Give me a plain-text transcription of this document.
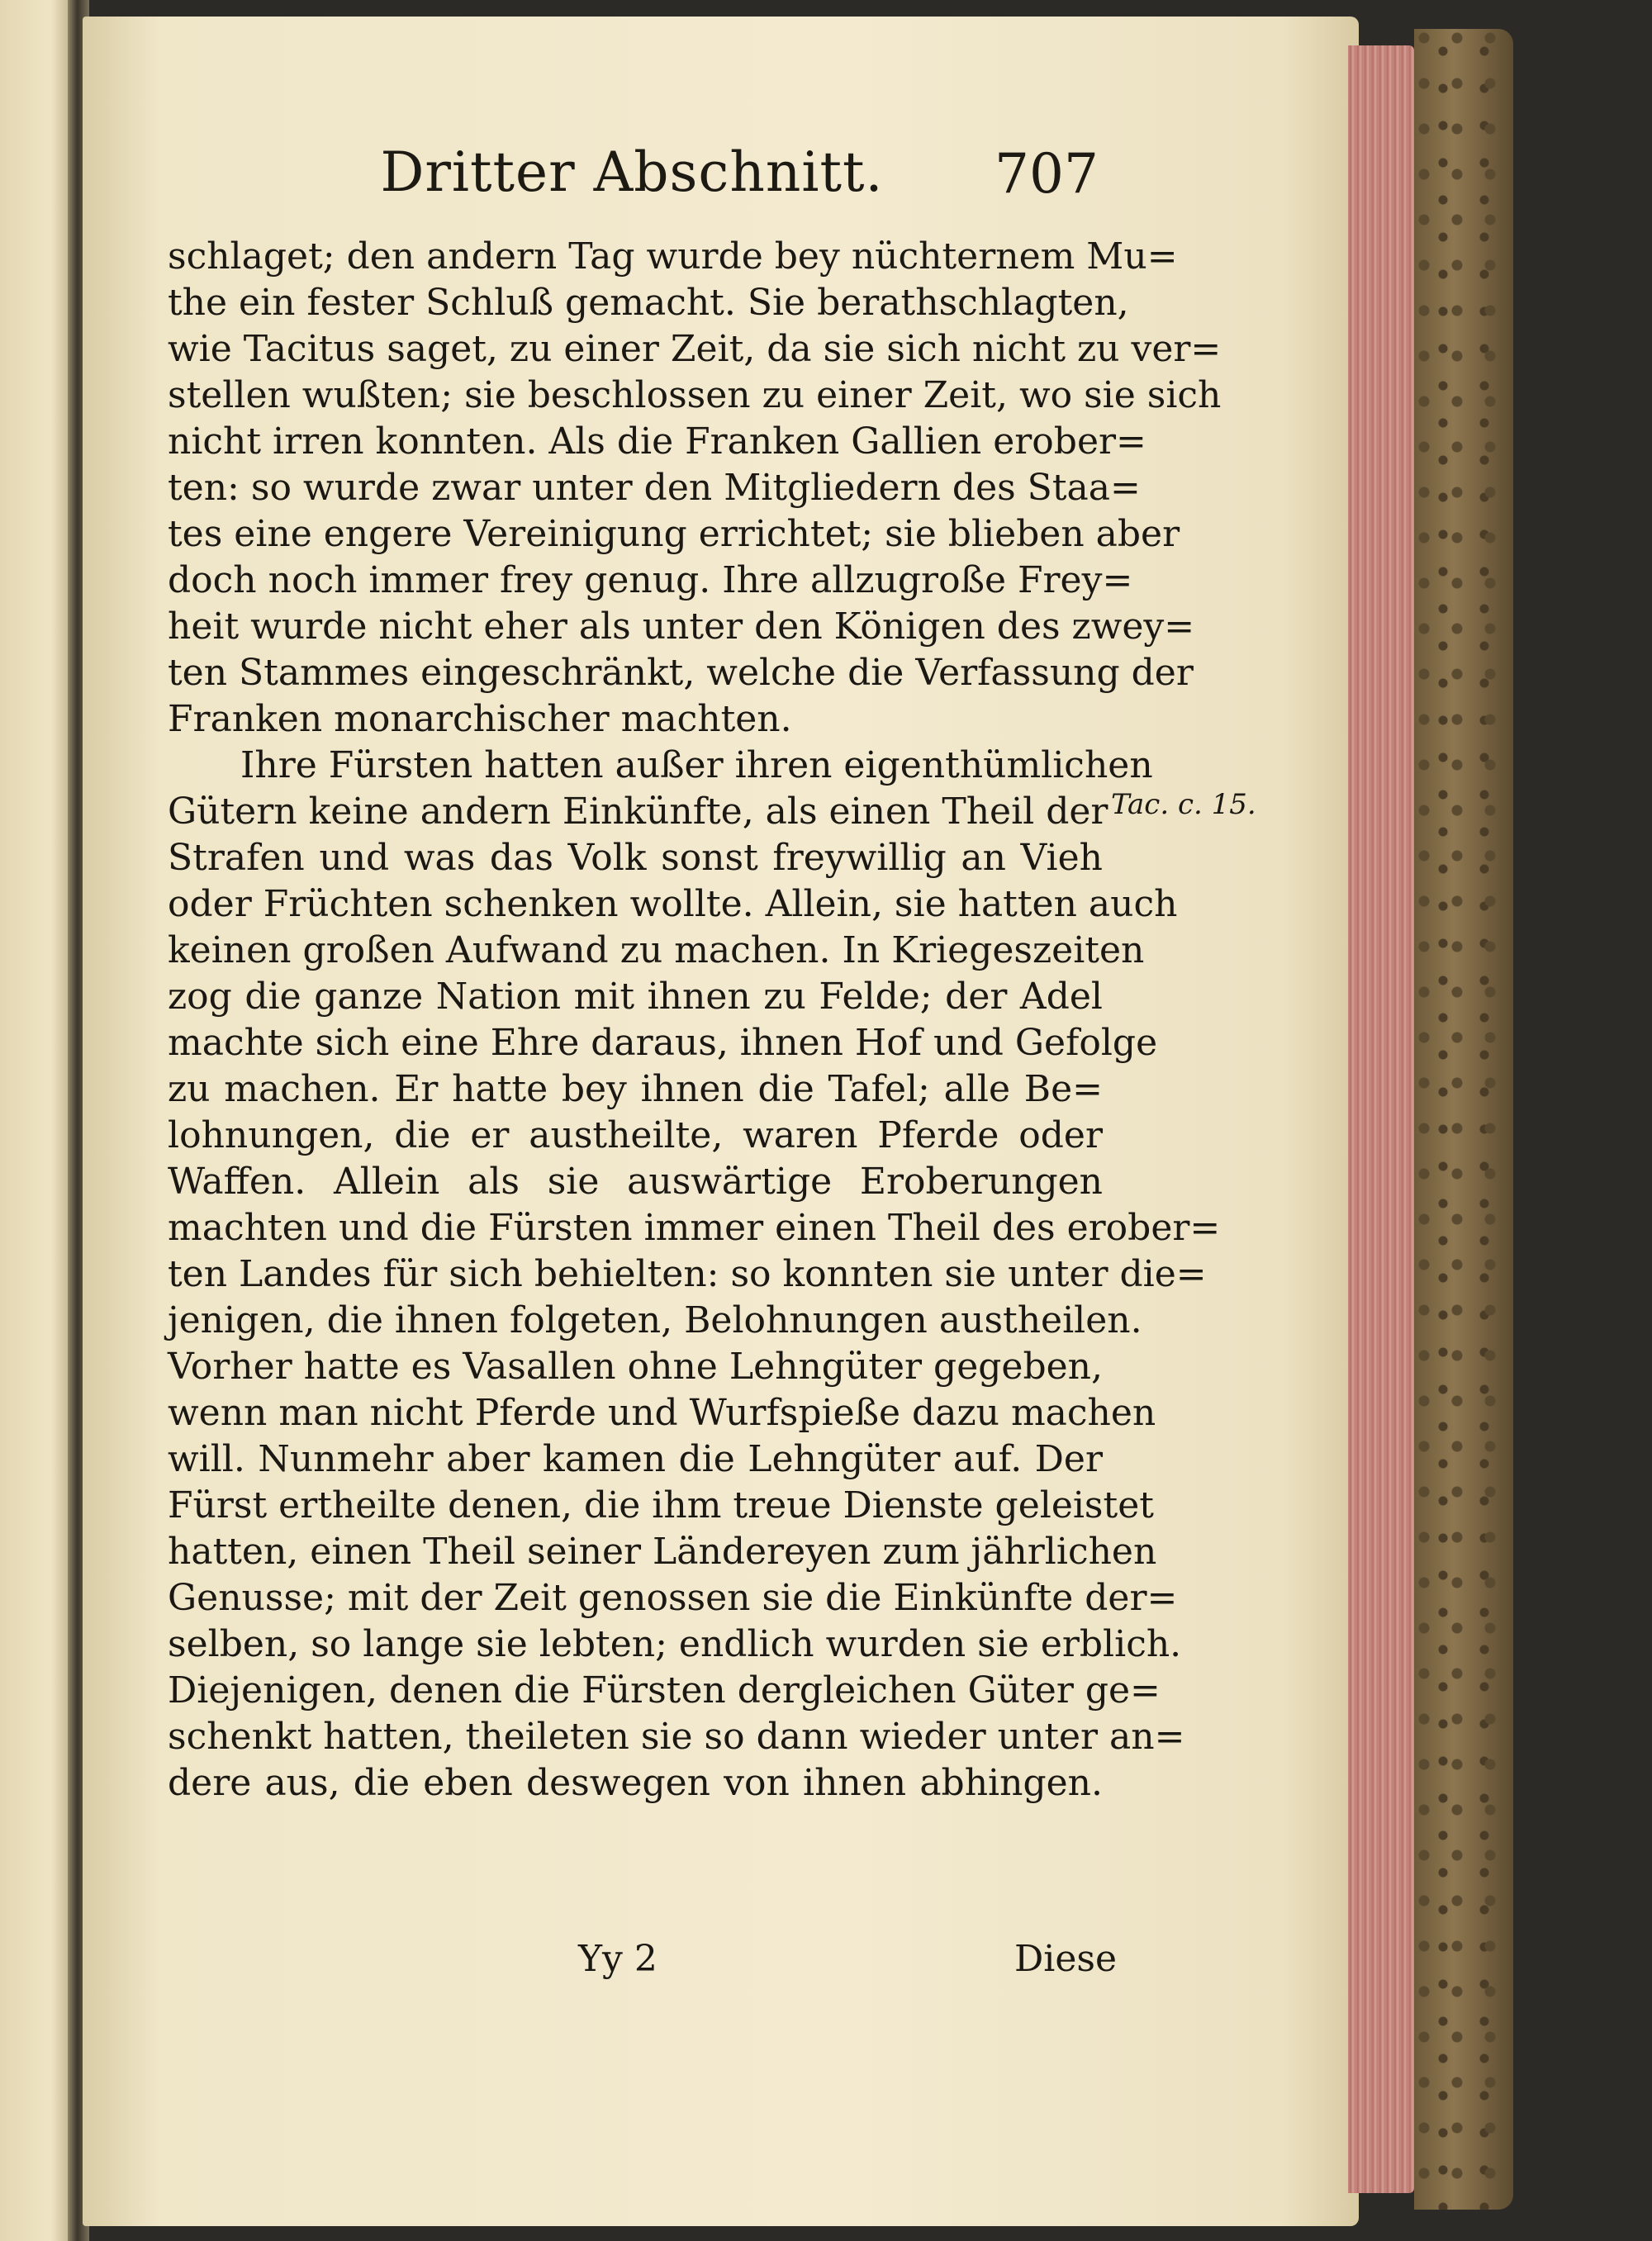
Dritter Abschnitt.	707
schlaget; den andern Tag wurde bey nüchternem Mu=
the ein fester Schluß gemacht. Sie berathschlagten,
wie Tacitus saget, zu einer Zeit, da sie sich nicht zu ver=
stellen wußten; sie beschlossen zu einer Zeit, wo sie sich
nicht irren konnten. Als die Franken Gallien erober=
ten: so wurde zwar unter den Mitgliedern des Staa=
tes eine engere Vereinigung errichtet; sie blieben aber
doch noch immer frey genug. Ihre allzugroße Frey=
heit wurde nicht eher als unter den Königen des zwey=
ten Stammes eingeschränkt, welche die Verfassung der
Franken monarchischer machten.
Ihre Fürsten hatten außer ihren eigenthümlichen
Gütern keine andern Einkünfte, als einen Theil der
Strafen und was das Volk sonst freywillig an Vieh
oder Früchten schenken wollte. Allein, sie hatten auch
keinen großen Aufwand zu machen. In Kriegeszeiten
zog die ganze Nation mit ihnen zu Felde; der Adel
machte sich eine Ehre daraus, ihnen Hof und Gefolge
zu machen. Er hatte bey ihnen die Tafel; alle Be=
lohnungen, die er austheilte, waren Pferde oder
Waffen. Allein als sie auswärtige Eroberungen
machten und die Fürsten immer einen Theil des erober=
ten Landes für sich behielten: so konnten sie unter die=
jenigen, die ihnen folgeten, Belohnungen austheilen.
Vorher hatte es Vasallen ohne Lehngüter gegeben,
wenn man nicht Pferde und Wurfspieße dazu machen
will. Nunmehr aber kamen die Lehngüter auf. Der
Fürst ertheilte denen, die ihm treue Dienste geleistet
hatten, einen Theil seiner Ländereyen zum jährlichen
Genusse; mit der Zeit genossen sie die Einkünfte der=
selben, so lange sie lebten; endlich wurden sie erblich.
Diejenigen, denen die Fürsten dergleichen Güter ge=
schenkt hatten, theileten sie so dann wieder unter an=
dere aus, die eben deswegen von ihnen abhingen.
Tac. c. 15.
Yy 2	Diese
